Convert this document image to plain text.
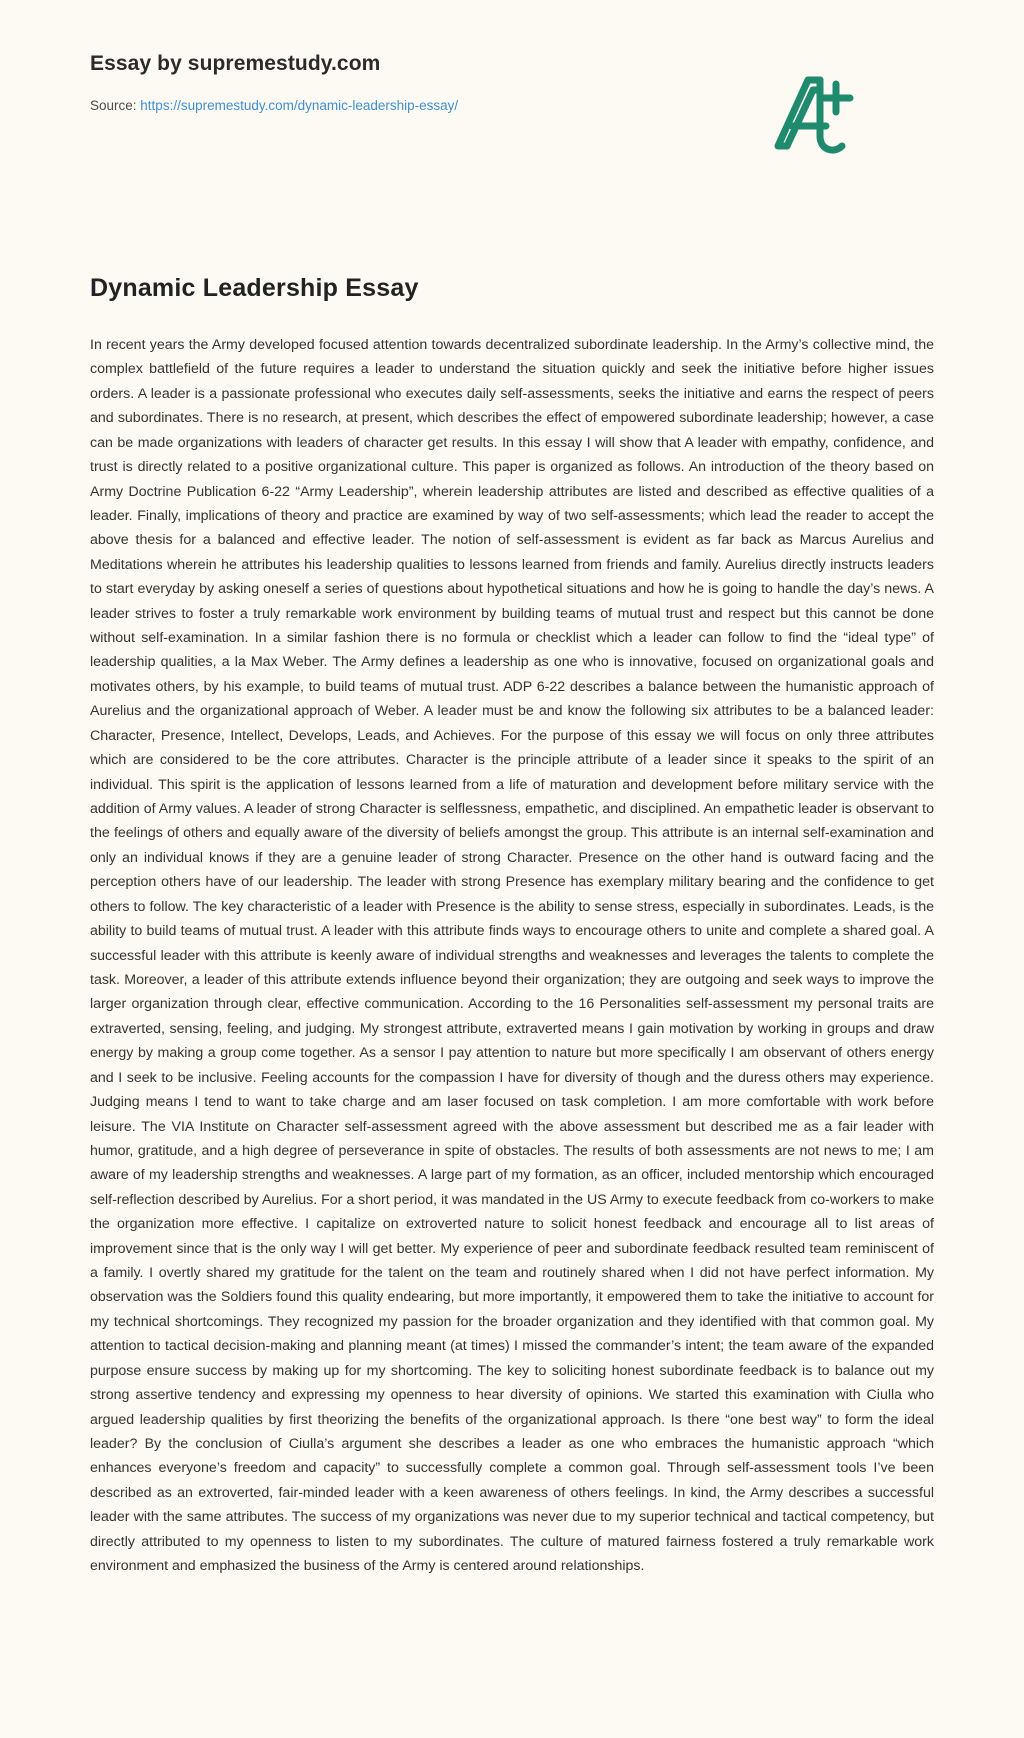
Essay by supremestudy.com
Source: https://supremestudy.com/dynamic-leadership-essay/
Dynamic Leadership Essay

In recent years the Army developed focused attention towards decentralized subordinate leadership. In the Army’s collective mind, the complex battlefield of the future requires a leader to understand the situation quickly and seek the initiative before higher issues orders. A leader is a passionate professional who executes daily self-assessments, seeks the initiative and earns the respect of peers and subordinates. There is no research, at present, which describes the effect of empowered subordinate leadership; however, a case can be made organizations with leaders of character get results. In this essay I will show that A leader with empathy, confidence, and trust is directly related to a positive organizational culture. This paper is organized as follows. An introduction of the theory based on Army Doctrine Publication 6-22 “Army Leadership”, wherein leadership attributes are listed and described as effective qualities of a leader. Finally, implications of theory and practice are examined by way of two self-assessments; which lead the reader to accept the above thesis for a balanced and effective leader. The notion of self-assessment is evident as far back as Marcus Aurelius and Meditations wherein he attributes his leadership qualities to lessons learned from friends and family. Aurelius directly instructs leaders to start everyday by asking oneself a series of questions about hypothetical situations and how he is going to handle the day’s news. A leader strives to foster a truly remarkable work environment by building teams of mutual trust and respect but this cannot be done without self-examination. In a similar fashion there is no formula or checklist which a leader can follow to find the “ideal type” of leadership qualities, a la Max Weber. The Army defines a leadership as one who is innovative, focused on organizational goals and motivates others, by his example, to build teams of mutual trust. ADP 6-22 describes a balance between the humanistic approach of Aurelius and the organizational approach of Weber. A leader must be and know the following six attributes to be a balanced leader: Character, Presence, Intellect, Develops, Leads, and Achieves. For the purpose of this essay we will focus on only three attributes which are considered to be the core attributes. Character is the principle attribute of a leader since it speaks to the spirit of an individual. This spirit is the application of lessons learned from a life of maturation and development before military service with the addition of Army values. A leader of strong Character is selflessness, empathetic, and disciplined. An empathetic leader is observant to the feelings of others and equally aware of the diversity of beliefs amongst the group. This attribute is an internal self-examination and only an individual knows if they are a genuine leader of strong Character. Presence on the other hand is outward facing and the perception others have of our leadership. The leader with strong Presence has exemplary military bearing and the confidence to get others to follow. The key characteristic of a leader with Presence is the ability to sense stress, especially in subordinates. Leads, is the ability to build teams of mutual trust. A leader with this attribute finds ways to encourage others to unite and complete a shared goal. A successful leader with this attribute is keenly aware of individual strengths and weaknesses and leverages the talents to complete the task. Moreover, a leader of this attribute extends influence beyond their organization; they are outgoing and seek ways to improve the larger organization through clear, effective communication. According to the 16 Personalities self-assessment my personal traits are extraverted, sensing, feeling, and judging. My strongest attribute, extraverted means I gain motivation by working in groups and draw energy by making a group come together. As a sensor I pay attention to nature but more specifically I am observant of others energy and I seek to be inclusive. Feeling accounts for the compassion I have for diversity of though and the duress others may experience. Judging means I tend to want to take charge and am laser focused on task completion. I am more comfortable with work before leisure. The VIA Institute on Character self-assessment agreed with the above assessment but described me as a fair leader with humor, gratitude, and a high degree of perseverance in spite of obstacles. The results of both assessments are not news to me; I am aware of my leadership strengths and weaknesses. A large part of my formation, as an officer, included mentorship which encouraged self-reflection described by Aurelius. For a short period, it was mandated in the US Army to execute feedback from co-workers to make the organization more effective. I capitalize on extroverted nature to solicit honest feedback and encourage all to list areas of improvement since that is the only way I will get better. My experience of peer and subordinate feedback resulted team reminiscent of a family. I overtly shared my gratitude for the talent on the team and routinely shared when I did not have perfect information. My observation was the Soldiers found this quality endearing, but more importantly, it empowered them to take the initiative to account for my technical shortcomings. They recognized my passion for the broader organization and they identified with that common goal. My attention to tactical decision-making and planning meant (at times) I missed the commander’s intent; the team aware of the expanded purpose ensure success by making up for my shortcoming. The key to soliciting honest subordinate feedback is to balance out my strong assertive tendency and expressing my openness to hear diversity of opinions. We started this examination with Ciulla who argued leadership qualities by first theorizing the benefits of the organizational approach. Is there “one best way” to form the ideal leader? By the conclusion of Ciulla’s argument she describes a leader as one who embraces the humanistic approach “which enhances everyone’s freedom and capacity” to successfully complete a common goal. Through self-assessment tools I’ve been described as an extroverted, fair-minded leader with a keen awareness of others feelings. In kind, the Army describes a successful leader with the same attributes. The success of my organizations was never due to my superior technical and tactical competency, but directly attributed to my openness to listen to my subordinates. The culture of matured fairness fostered a truly remarkable work environment and emphasized the business of the Army is centered around relationships.
